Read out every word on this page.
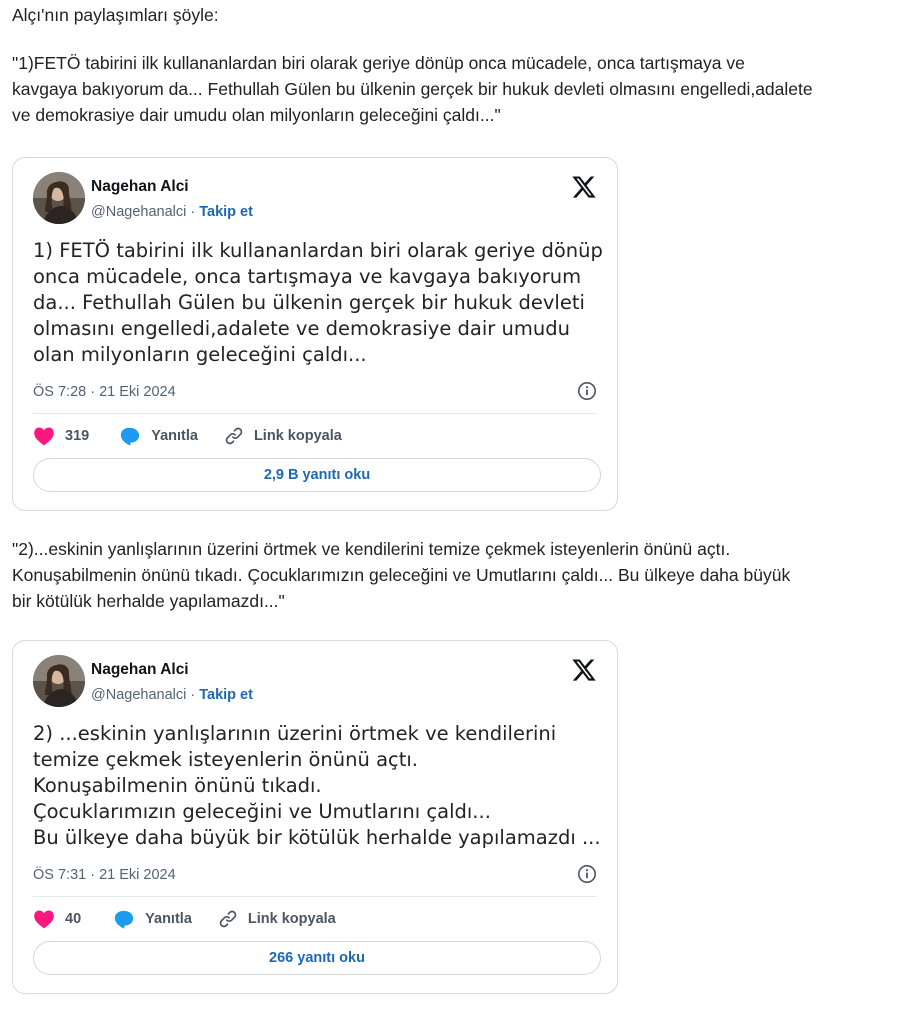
Alçı'nın paylaşımları şöyle:

"1)FETÖ tabirini ilk kullananlardan biri olarak geriye dönüp onca mücadele, onca tartışmaya ve
kavgaya bakıyorum da... Fethullah Gülen bu ülkenin gerçek bir hukuk devleti olmasını engelledi,adalete
ve demokrasiye dair umudu olan milyonların geleceğini çaldı..."

Nagehan Alci
@Nagehanalci · Takip et
1) FETÖ tabirini ilk kullananlardan biri olarak geriye dönüp
onca mücadele, onca tartışmaya ve kavgaya bakıyorum
da... Fethullah Gülen bu ülkenin gerçek bir hukuk devleti
olmasını engelledi,adalete ve demokrasiye dair umudu
olan milyonların geleceğini çaldı...
ÖS 7:28 · 21 Eki 2024
319	Yanıtla	Link kopyala
2,9 B yanıtı oku

"2)...eskinin yanlışlarının üzerini örtmek ve kendilerini temize çekmek isteyenlerin önünü açtı.
Konuşabilmenin önünü tıkadı. Çocuklarımızın geleceğini ve Umutlarını çaldı... Bu ülkeye daha büyük
bir kötülük herhalde yapılamazdı..."

Nagehan Alci
@Nagehanalci · Takip et
2) ...eskinin yanlışlarının üzerini örtmek ve kendilerini
temize çekmek isteyenlerin önünü açtı.
Konuşabilmenin önünü tıkadı.
Çocuklarımızın geleceğini ve Umutlarını çaldı...
Bu ülkeye daha büyük bir kötülük herhalde yapılamazdı ...
ÖS 7:31 · 21 Eki 2024
40	Yanıtla	Link kopyala
266 yanıtı oku
